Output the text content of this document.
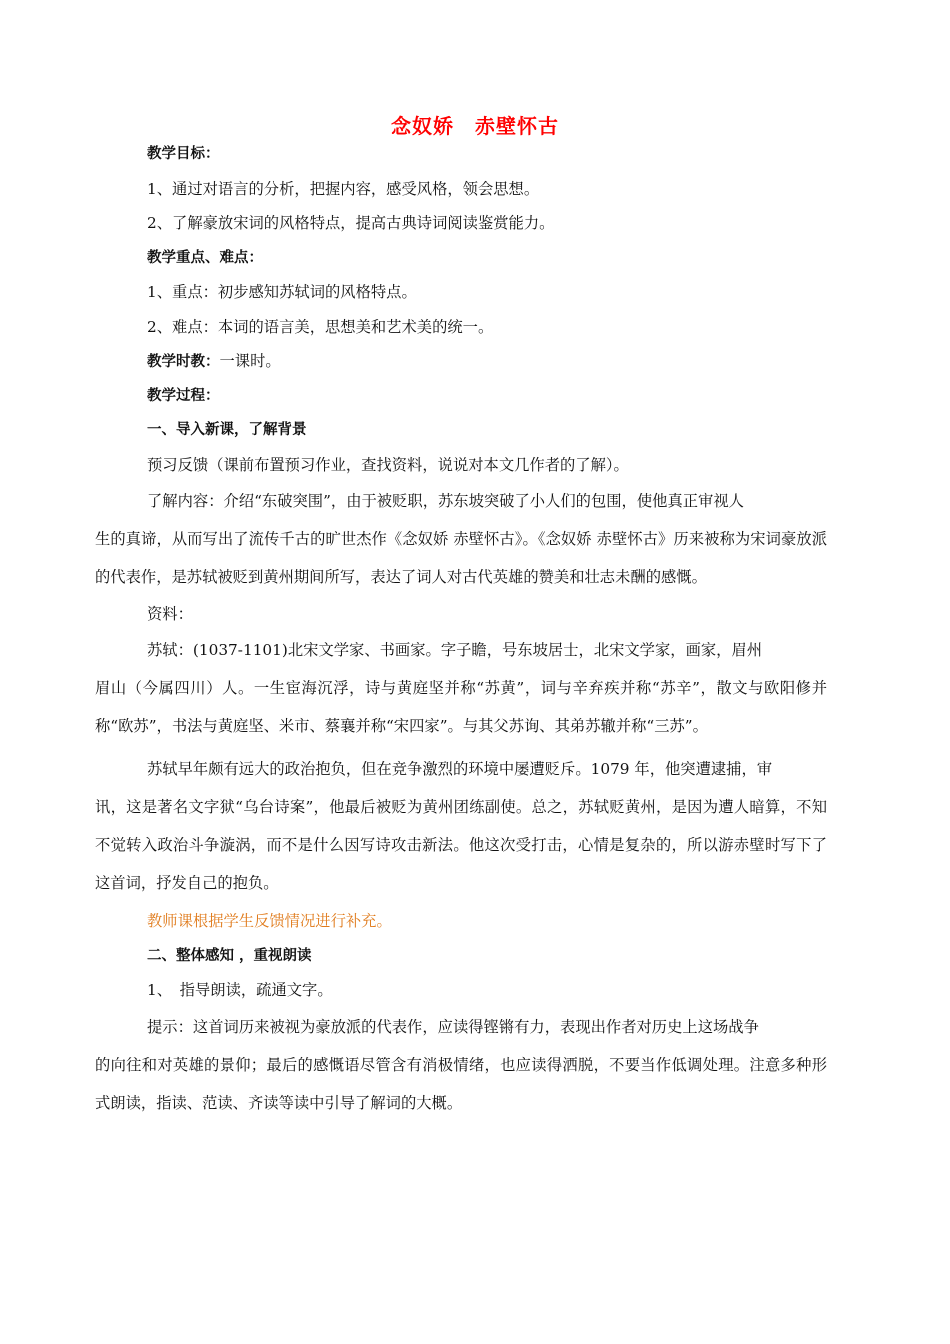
念奴娇　赤壁怀古
教学目标：
1、通过对语言的分析，把握内容，感受风格，领会思想。
2、了解豪放宋词的风格特点，提高古典诗词阅读鉴赏能力。
教学重点、难点：
1、重点：初步感知苏轼词的风格特点。
2、难点：本词的语言美，思想美和艺术美的统一。
教学时教：一课时。
教学过程：
一、导入新课，了解背景
预习反馈（课前布置预习作业，查找资料，说说对本文几作者的了解）。
了解内容：介绍“东破突围”，由于被贬职，苏东坡突破了小人们的包围，使他真正审视人
生的真谛，从而写出了流传千古的旷世杰作《念奴娇 赤壁怀古》。《念奴娇 赤壁怀古》历来被称为宋词豪放派的代表作，是苏轼被贬到黄州期间所写，表达了词人对古代英雄的赞美和壮志未酬的感慨。
资料：
苏轼：(1037-1101)北宋文学家、书画家。字子瞻，号东坡居士，北宋文学家，画家，眉州
眉山（今属四川）人。一生宦海沉浮，诗与黄庭坚并称“苏黄”，词与辛弃疾并称“苏辛”，散文与欧阳修并称“欧苏”，书法与黄庭坚、米市、蔡襄并称“宋四家”。与其父苏询、其弟苏辙并称“三苏”。
苏轼早年颇有远大的政治抱负，但在竞争激烈的环境中屡遭贬斥。1079 年，他突遭逮捕，审
讯，这是著名文字狱“乌台诗案”，他最后被贬为黄州团练副使。总之，苏轼贬黄州，是因为遭人暗算，不知不觉转入政治斗争漩涡，而不是什么因写诗攻击新法。他这次受打击，心情是复杂的，所以游赤壁时写下了这首词，抒发自己的抱负。
教师课根据学生反馈情况进行补充。
二、整体感知 ，重视朗读
1、　指导朗读，疏通文字。
提示：这首词历来被视为豪放派的代表作，应读得铿锵有力，表现出作者对历史上这场战争
的向往和对英雄的景仰；最后的感慨语尽管含有消极情绪，也应读得洒脱，不要当作低调处理。注意多种形式朗读，指读、范读、齐读等读中引导了解词的大概。
